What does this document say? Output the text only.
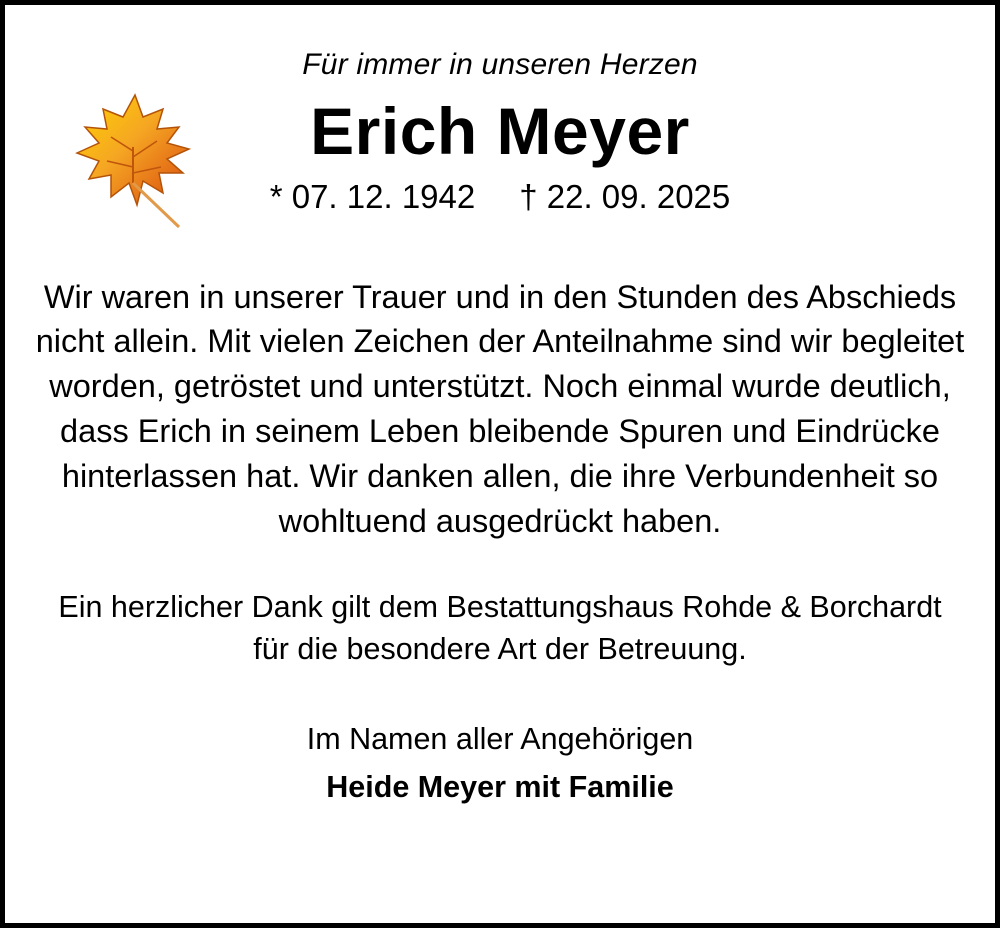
Für immer in unseren Herzen
Erich Meyer
* 07. 12. 1942 † 22. 09. 2025

Wir waren in unserer Trauer und in den Stunden des Abschieds nicht allein. Mit vielen Zeichen der Anteilnahme sind wir begleitet worden, getröstet und unterstützt. Noch einmal wurde deutlich, dass Erich in seinem Leben bleibende Spuren und Eindrücke hinterlassen hat. Wir danken allen, die ihre Verbundenheit so wohltuend ausgedrückt haben.

Ein herzlicher Dank gilt dem Bestattungshaus Rohde & Borchardt für die besondere Art der Betreuung.

Im Namen aller Angehörigen
Heide Meyer mit Familie
